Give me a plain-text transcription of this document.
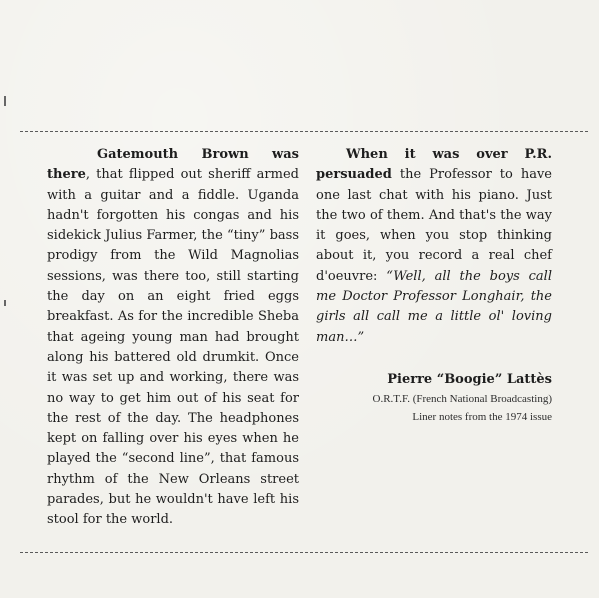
Gatemouth Brown was there, that flipped out sheriff armed with a guitar and a fiddle. Uganda hadn't forgotten his congas and his sidekick Julius Farmer, the “tiny” bass prodigy from the Wild Magnolias sessions, was there too, still starting the day on an eight fried eggs breakfast. As for the incredible Sheba that ageing young man had brought along his battered old drumkit. Once it was set up and working, there was no way to get him out of his seat for the rest of the day. The headphones kept on falling over his eyes when he played the “second line”, that famous rhythm of the New Orleans street parades, but he wouldn't have left his stool for the world.

When it was over P.R. persuaded the Professor to have one last chat with his piano. Just the two of them. And that's the way it goes, when you stop thinking about it, you record a real chef d'oeuvre: “Well, all the boys call me Doctor Professor Longhair, the girls all call me a little ol' loving man…”

Pierre “Boogie” Lattès
O.R.T.F. (French National Broadcasting)
Liner notes from the 1974 issue
